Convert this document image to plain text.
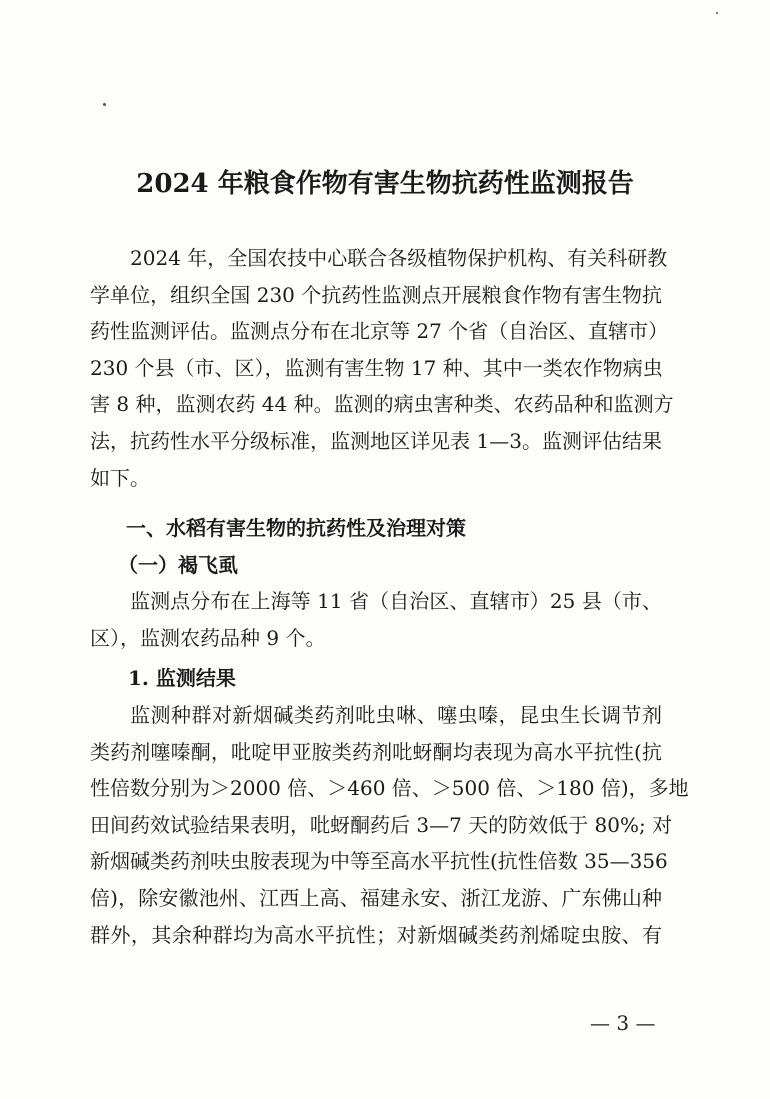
2024 年粮食作物有害生物抗药性监测报告
2024 年，全国农技中心联合各级植物保护机构、有关科研教
学单位，组织全国 230 个抗药性监测点开展粮食作物有害生物抗
药性监测评估。监测点分布在北京等 27 个省（自治区、直辖市）
230 个县（市、区），监测有害生物 17 种、其中一类农作物病虫
害 8 种，监测农药 44 种。监测的病虫害种类、农药品种和监测方
法，抗药性水平分级标准，监测地区详见表 1—3。监测评估结果
如下。
一、水稻有害生物的抗药性及治理对策
（一）褐飞虱
监测点分布在上海等 11 省（自治区、直辖市）25 县（市、
区），监测农药品种 9 个。
1. 监测结果
监测种群对新烟碱类药剂吡虫啉、噻虫嗪，昆虫生长调节剂
类药剂噻嗪酮，吡啶甲亚胺类药剂吡蚜酮均表现为高水平抗性(抗
性倍数分别为＞2000 倍、＞460 倍、＞500 倍、＞180 倍)，多地
田间药效试验结果表明，吡蚜酮药后 3—7 天的防效低于 80%; 对
新烟碱类药剂呋虫胺表现为中等至高水平抗性(抗性倍数 35—356
倍)，除安徽池州、江西上高、福建永安、浙江龙游、广东佛山种
群外，其余种群均为高水平抗性；对新烟碱类药剂烯啶虫胺、有
— 3 —
